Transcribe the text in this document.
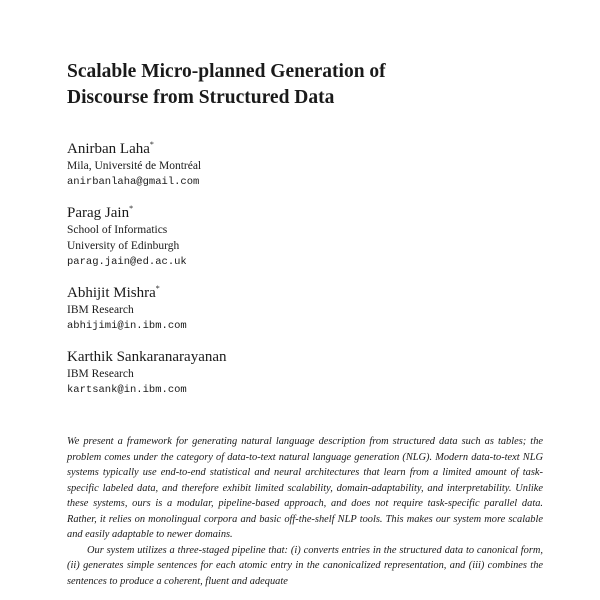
Scalable Micro-planned Generation of
Discourse from Structured Data
Anirban Laha*
Mila, Université de Montréal
anirbanlaha@gmail.com
Parag Jain*
School of Informatics
University of Edinburgh
parag.jain@ed.ac.uk
Abhijit Mishra*
IBM Research
abhijimi@in.ibm.com
Karthik Sankaranarayanan
IBM Research
kartsank@in.ibm.com

We present a framework for generating natural language description from structured data such as tables; the problem comes under the category of data-to-text natural language generation (NLG). Modern data-to-text NLG systems typically use end-to-end statistical and neural architectures that learn from a limited amount of task-specific labeled data, and therefore exhibit limited scalability, domain-adaptability, and interpretability. Unlike these systems, ours is a modular, pipeline-based approach, and does not require task-specific parallel data. Rather, it relies on monolingual corpora and basic off-the-shelf NLP tools. This makes our system more scalable and easily adaptable to newer domains.

Our system utilizes a three-staged pipeline that: (i) converts entries in the structured data to canonical form, (ii) generates simple sentences for each atomic entry in the canonicalized representation, and (iii) combines the sentences to produce a coherent, fluent and adequate
